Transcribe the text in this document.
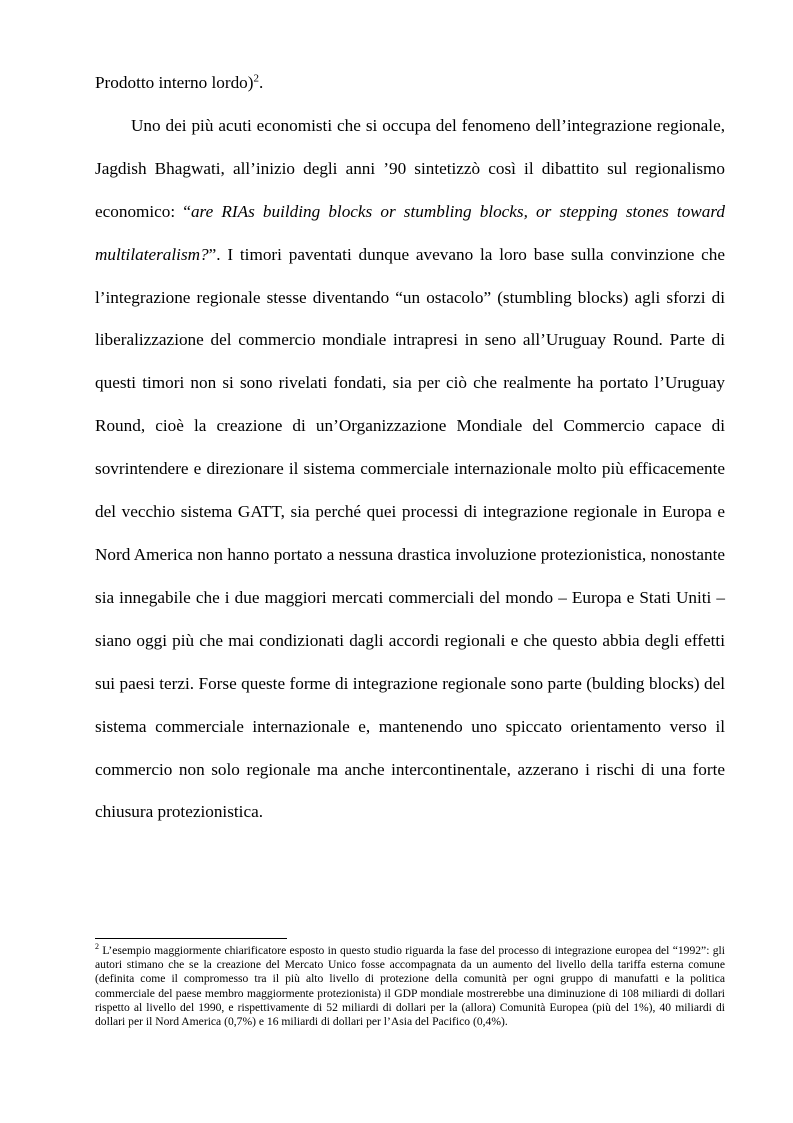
Prodotto interno lordo)$^2$.

Uno dei più acuti economisti che si occupa del fenomeno dell’integrazione regionale, Jagdish Bhagwati, all’inizio degli anni ’90 sintetizzò così il dibattito sul regionalismo economico: “are RIAs building blocks or stumbling blocks, or stepping stones toward multilateralism?”. I timori paventati dunque avevano la loro base sulla convinzione che l’integrazione regionale stesse diventando “un ostacolo” (stumbling blocks) agli sforzi di liberalizzazione del commercio mondiale intrapresi in seno all’Uruguay Round. Parte di questi timori non si sono rivelati fondati, sia per ciò che realmente ha portato l’Uruguay Round, cioè la creazione di un’Organizzazione Mondiale del Commercio capace di sovrintendere e direzionare il sistema commerciale internazionale molto più efficacemente del vecchio sistema GATT, sia perché quei processi di integrazione regionale in Europa e Nord America non hanno portato a nessuna drastica involuzione protezionistica, nonostante sia innegabile che i due maggiori mercati commerciali del mondo – Europa e Stati Uniti – siano oggi più che mai condizionati dagli accordi regionali e che questo abbia degli effetti sui paesi terzi. Forse queste forme di integrazione regionale sono parte (bulding blocks) del sistema commerciale internazionale e, mantenendo uno spiccato orientamento verso il commercio non solo regionale ma anche intercontinentale, azzerano i rischi di una forte chiusura protezionistica.

$^2$ L’esempio maggiormente chiarificatore esposto in questo studio riguarda la fase del processo di integrazione europea del “1992”: gli autori stimano che se la creazione del Mercato Unico fosse accompagnata da un aumento del livello della tariffa esterna comune (definita come il compromesso tra il più alto livello di protezione della comunità per ogni gruppo di manufatti e la politica commerciale del paese membro maggiormente protezionista) il GDP mondiale mostrerebbe una diminuzione di 108 miliardi di dollari rispetto al livello del 1990, e rispettivamente di 52 miliardi di dollari per la (allora) Comunità Europea (più del 1%), 40 miliardi di dollari per il Nord America (0,7%) e 16 miliardi di dollari per l’Asia del Pacifico (0,4%).
